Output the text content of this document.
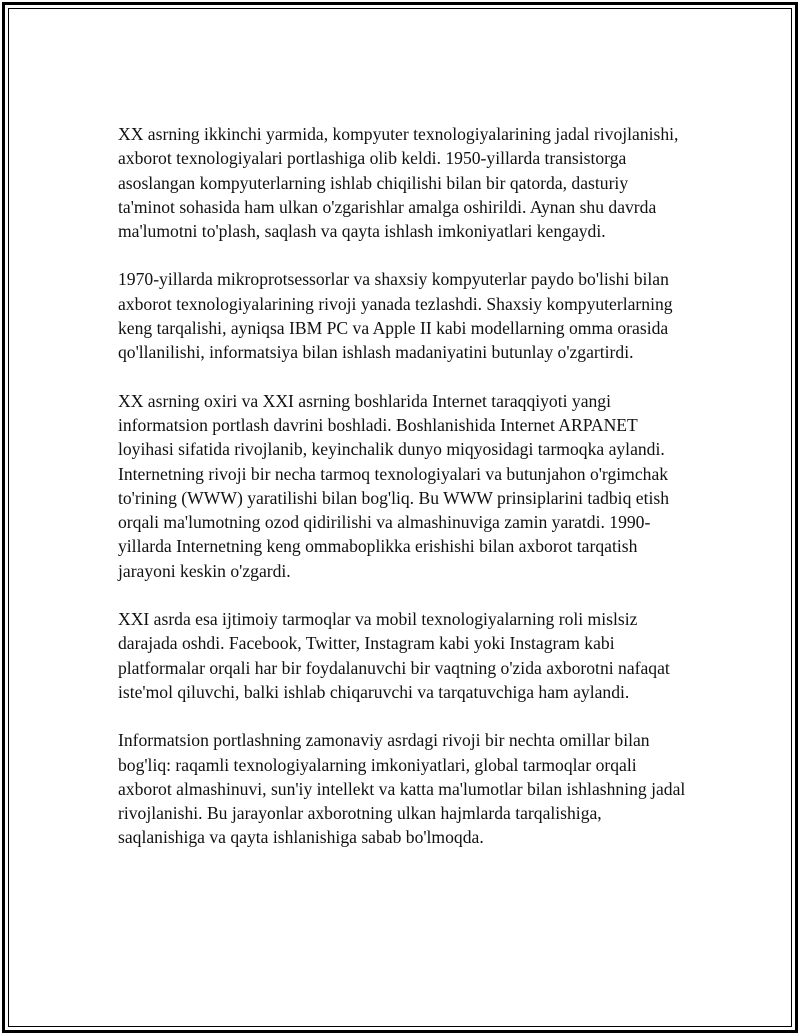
XX asrning ikkinchi yarmida, kompyuter texnologiyalarining jadal rivojlanishi, axborot texnologiyalari portlashiga olib keldi. 1950-yillarda transistorga asoslangan kompyuterlarning ishlab chiqilishi bilan bir qatorda, dasturiy ta'minot sohasida ham ulkan o'zgarishlar amalga oshirildi. Aynan shu davrda ma'lumotni to'plash, saqlash va qayta ishlash imkoniyatlari kengaydi.

1970-yillarda mikroprotsessorlar va shaxsiy kompyuterlar paydo bo'lishi bilan axborot texnologiyalarining rivoji yanada tezlashdi. Shaxsiy kompyuterlarning keng tarqalishi, ayniqsa IBM PC va Apple II kabi modellarning omma orasida qo'llanilishi, informatsiya bilan ishlash madaniyatini butunlay o'zgartirdi.

XX asrning oxiri va XXI asrning boshlarida Internet taraqqiyoti yangi informatsion portlash davrini boshladi. Boshlanishida Internet ARPANET loyihasi sifatida rivojlanib, keyinchalik dunyo miqyosidagi tarmoqka aylandi. Internetning rivoji bir necha tarmoq texnologiyalari va butunjahon o'rgimchak to'rining (WWW) yaratilishi bilan bog'liq. Bu WWW prinsiplarini tadbiq etish orqali ma'lumotning ozod qidirilishi va almashinuviga zamin yaratdi. 1990-yillarda Internetning keng ommaboplikka erishishi bilan axborot tarqatish jarayoni keskin o'zgardi.

XXI asrda esa ijtimoiy tarmoqlar va mobil texnologiyalarning roli mislsiz darajada oshdi. Facebook, Twitter, Instagram kabi yoki Instagram kabi platformalar orqali har bir foydalanuvchi bir vaqtning o'zida axborotni nafaqat iste'mol qiluvchi, balki ishlab chiqaruvchi va tarqatuvchiga ham aylandi.

Informatsion portlashning zamonaviy asrdagi rivoji bir nechta omillar bilan bog'liq: raqamli texnologiyalarning imkoniyatlari, global tarmoqlar orqali axborot almashinuvi, sun'iy intellekt va katta ma'lumotlar bilan ishlashning jadal rivojlanishi. Bu jarayonlar axborotning ulkan hajmlarda tarqalishiga, saqlanishiga va qayta ishlanishiga sabab bo'lmoqda.
